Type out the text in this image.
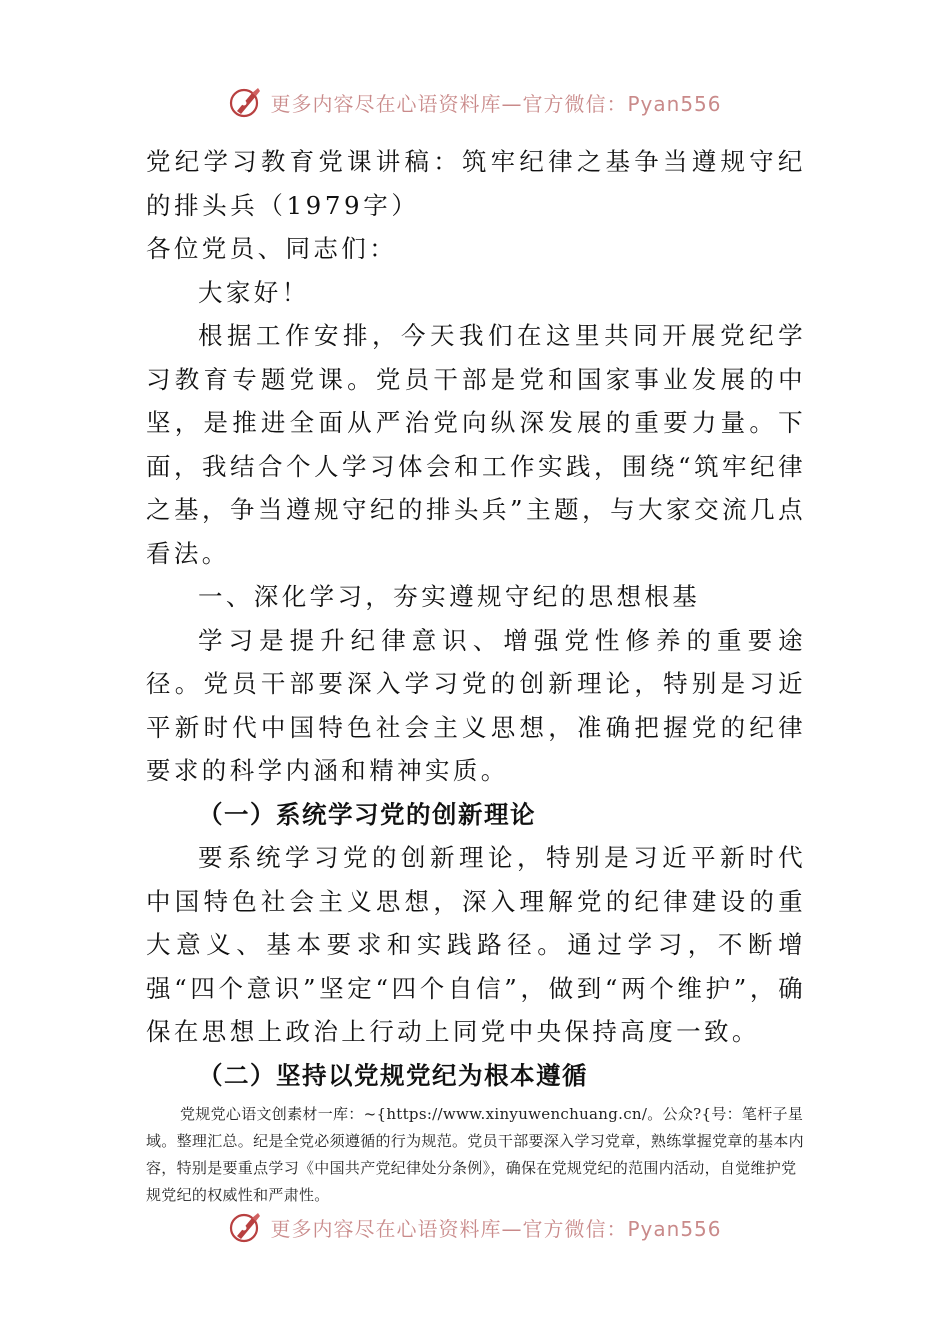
更多内容尽在心语资料库—官方微信：Pyan556

党纪学习教育党课讲稿：筑牢纪律之基争当遵规守纪的排头兵（1979字）

各位党员、同志们：

大家好！

根据工作安排，今天我们在这里共同开展党纪学习教育专题党课。党员干部是党和国家事业发展的中坚，是推进全面从严治党向纵深发展的重要力量。下面，我结合个人学习体会和工作实践，围绕“筑牢纪律之基，争当遵规守纪的排头兵”主题，与大家交流几点看法。

一、深化学习，夯实遵规守纪的思想根基

学习是提升纪律意识、增强党性修养的重要途径。党员干部要深入学习党的创新理论，特别是习近平新时代中国特色社会主义思想，准确把握党的纪律要求的科学内涵和精神实质。

（一）系统学习党的创新理论

要系统学习党的创新理论，特别是习近平新时代中国特色社会主义思想，深入理解党的纪律建设的重大意义、基本要求和实践路径。通过学习，不断增强“四个意识”坚定“四个自信”，做到“两个维护”，确保在思想上政治上行动上同党中央保持高度一致。

（二）坚持以党规党纪为根本遵循

党规党心语文创素材一库：~{https://www.xinyuwenchuang.cn/。公众?{号：笔杆子星域。整理汇总。纪是全党必须遵循的行为规范。党员干部要深入学习党章，熟练掌握党章的基本内容，特别是要重点学习《中国共产党纪律处分条例》，确保在党规党纪的范围内活动，自觉维护党规党纪的权威性和严肃性。

更多内容尽在心语资料库—官方微信：Pyan556
